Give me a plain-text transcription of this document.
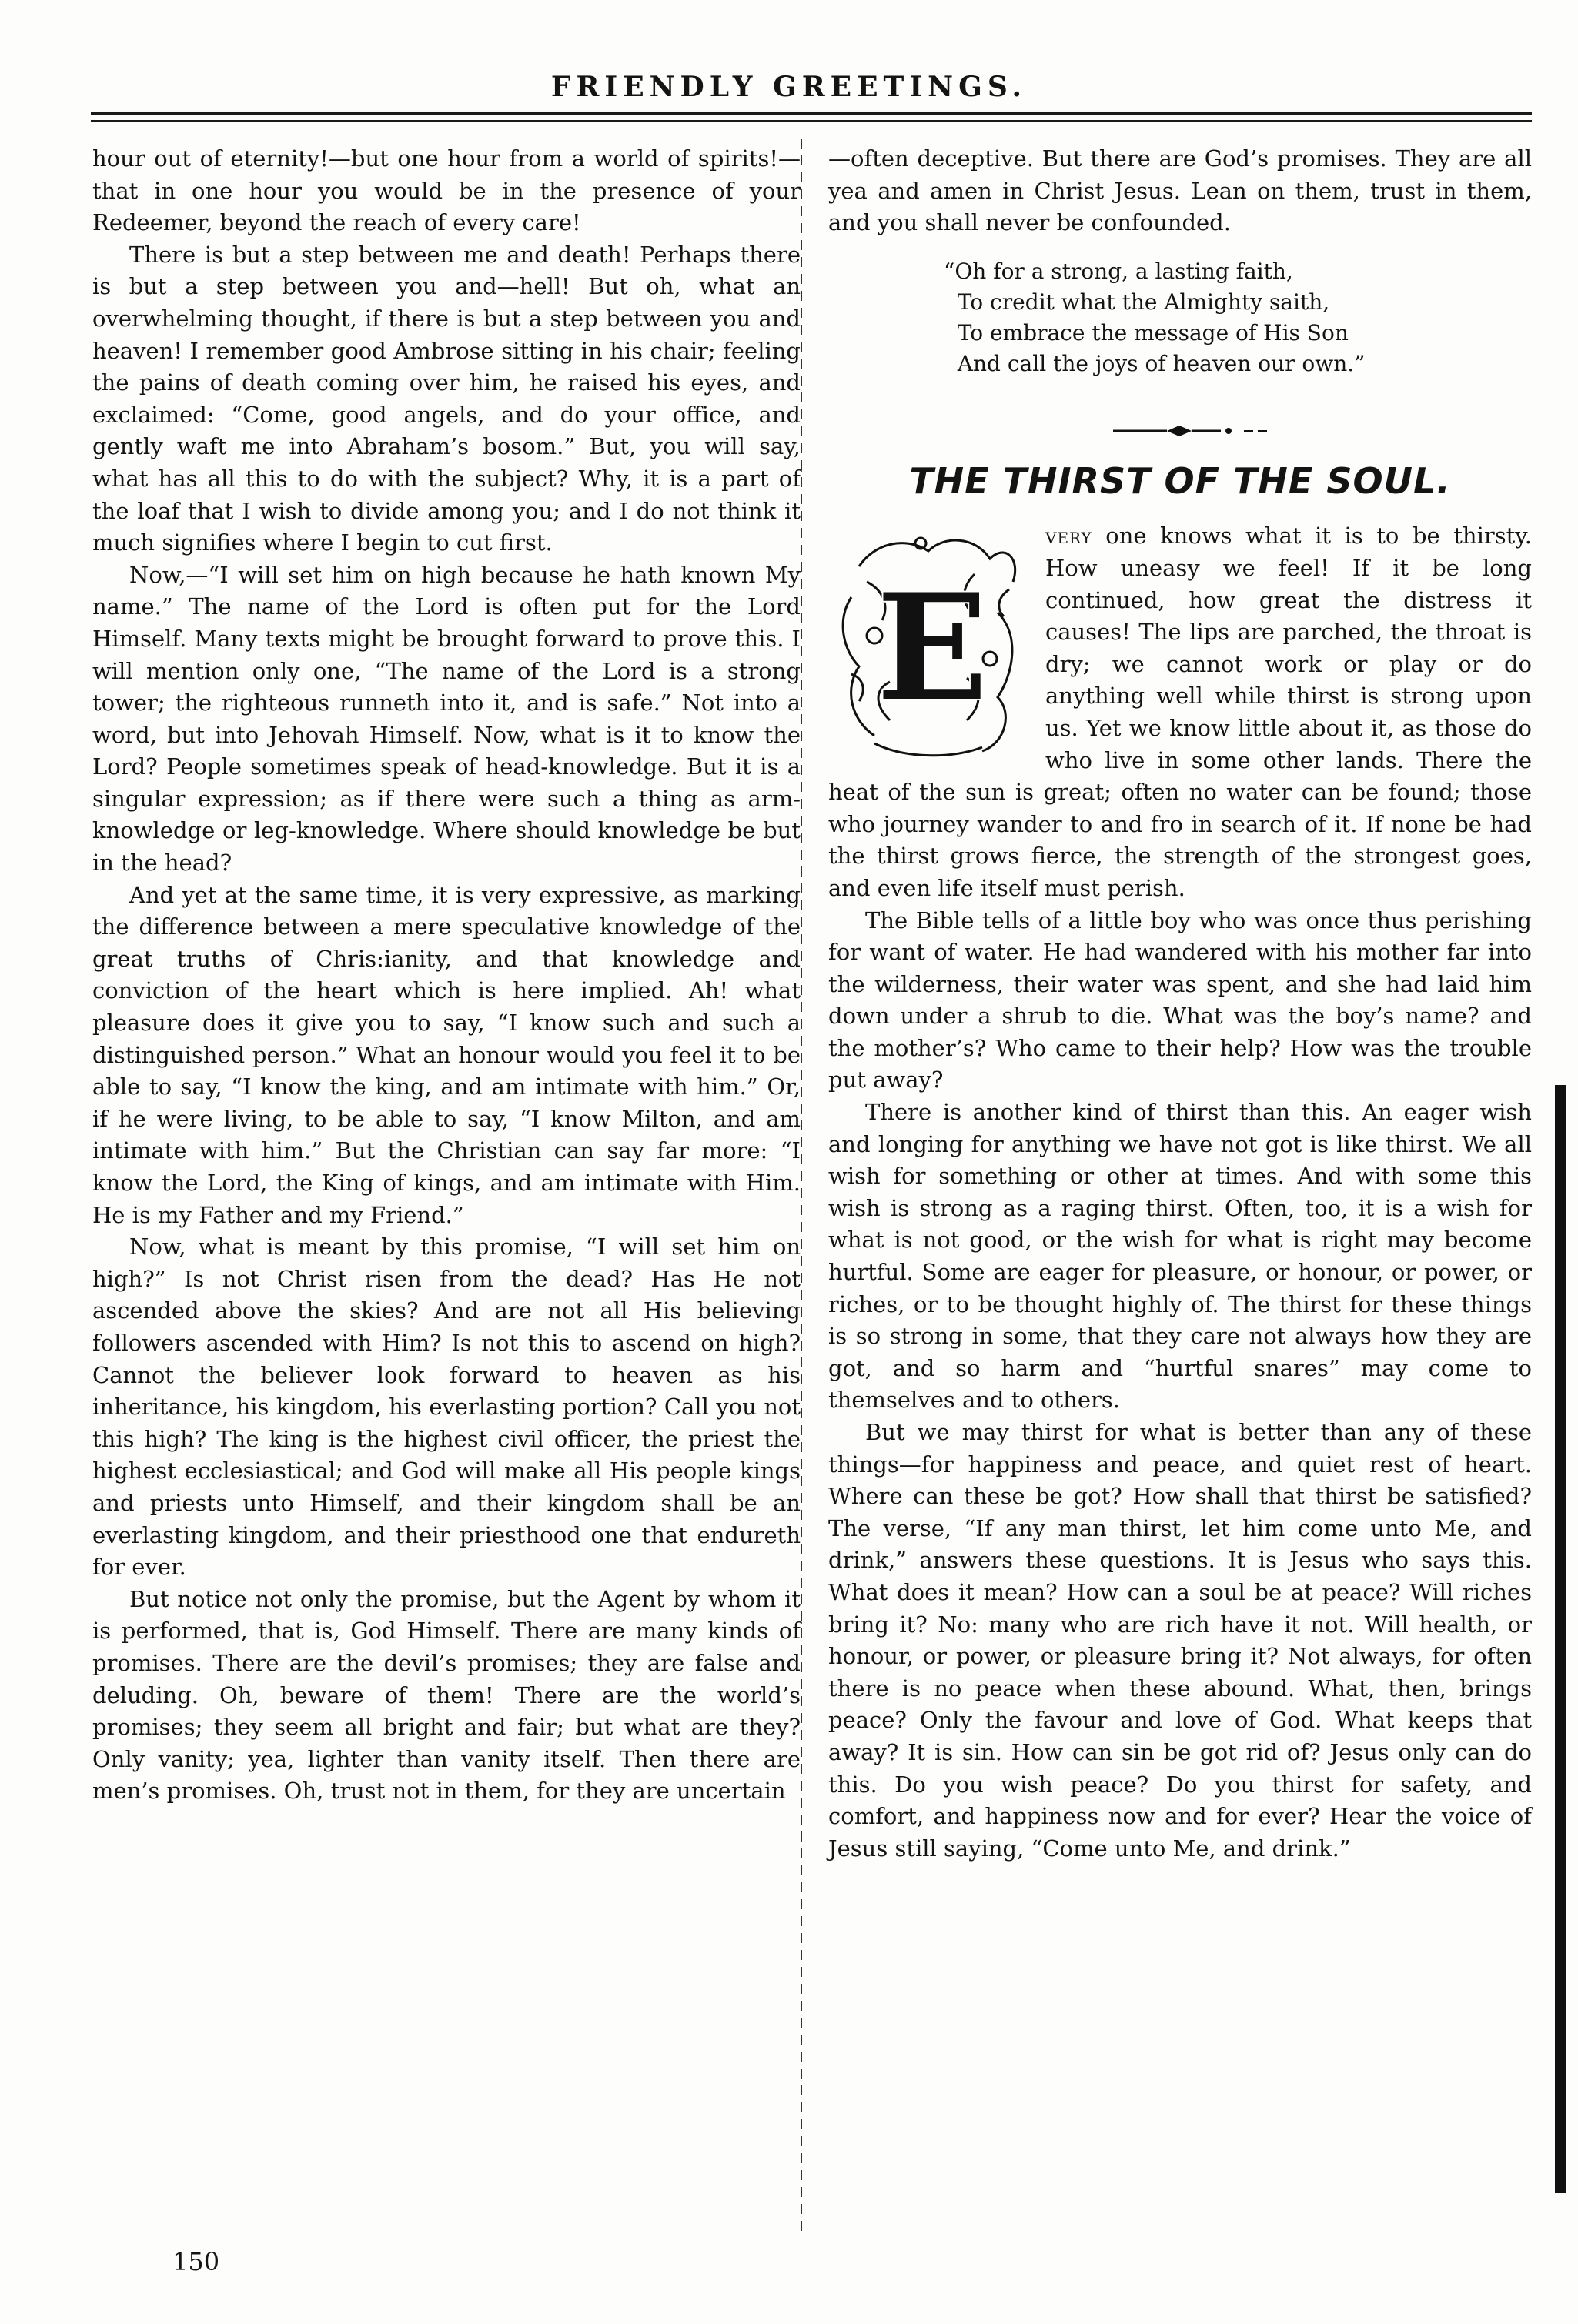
FRIENDLY GREETINGS.

hour out of eternity!—but one hour from a world of spirits!—that in one hour you would be in the presence of your Redeemer, beyond the reach of every care!

There is but a step between me and death! Perhaps there is but a step between you and—hell! But oh, what an overwhelming thought, if there is but a step between you and heaven! I remember good Ambrose sitting in his chair; feeling the pains of death coming over him, he raised his eyes, and exclaimed: “Come, good angels, and do your office, and gently waft me into Abraham’s bosom.” But, you will say, what has all this to do with the subject? Why, it is a part of the loaf that I wish to divide among you; and I do not think it much signifies where I begin to cut first.

Now,—“I will set him on high because he hath known My name.” The name of the Lord is often put for the Lord Himself. Many texts might be brought forward to prove this. I will mention only one, “The name of the Lord is a strong tower; the righteous runneth into it, and is safe.” Not into a word, but into Jehovah Himself. Now, what is it to know the Lord? People sometimes speak of head-knowledge. But it is a singular expression; as if there were such a thing as arm-knowledge or leg-knowledge. Where should knowledge be but in the head?

And yet at the same time, it is very expressive, as marking the difference between a mere speculative knowledge of the great truths of Chris:ianity, and that knowledge and conviction of the heart which is here implied. Ah! what pleasure does it give you to say, “I know such and such a distinguished person.” What an honour would you feel it to be able to say, “I know the king, and am intimate with him.” Or, if he were living, to be able to say, “I know Milton, and am intimate with him.” But the Christian can say far more: “I know the Lord, the King of kings, and am intimate with Him. He is my Father and my Friend.”

Now, what is meant by this promise, “I will set him on high?” Is not Christ risen from the dead? Has He not ascended above the skies? And are not all His believing followers ascended with Him? Is not this to ascend on high? Cannot the believer look forward to heaven as his inheritance, his kingdom, his everlasting portion? Call you not this high? The king is the highest civil officer, the priest the highest ecclesiastical; and God will make all His people kings and priests unto Himself, and their kingdom shall be an everlasting kingdom, and their priesthood one that endureth for ever.

But notice not only the promise, but the Agent by whom it is performed, that is, God Himself. There are many kinds of promises. There are the devil’s promises; they are false and deluding. Oh, beware of them! There are the world’s promises; they seem all bright and fair; but what are they? Only vanity; yea, lighter than vanity itself. Then there are men’s promises. Oh, trust not in them, for they are uncertain

—often deceptive. But there are God’s promises. They are all yea and amen in Christ Jesus. Lean on them, trust in them, and you shall never be confounded.

“Oh for a strong, a lasting faith,
To credit what the Almighty saith,
To embrace the message of His Son
And call the joys of heaven our own.”
THE THIRST OF THE SOUL.
E

very one knows what it is to be thirsty. How uneasy we feel! If it be long continued, how great the distress it causes! The lips are parched, the throat is dry; we cannot work or play or do anything well while thirst is strong upon us. Yet we know little about it, as those do who live in some other lands. There the heat of the sun is great; often no water can be found; those who journey wander to and fro in search of it. If none be had the thirst grows fierce, the strength of the strongest goes, and even life itself must perish.

The Bible tells of a little boy who was once thus perishing for want of water. He had wandered with his mother far into the wilderness, their water was spent, and she had laid him down under a shrub to die. What was the boy’s name? and the mother’s? Who came to their help? How was the trouble put away?

There is another kind of thirst than this. An eager wish and longing for anything we have not got is like thirst. We all wish for something or other at times. And with some this wish is strong as a raging thirst. Often, too, it is a wish for what is not good, or the wish for what is right may become hurtful. Some are eager for pleasure, or honour, or power, or riches, or to be thought highly of. The thirst for these things is so strong in some, that they care not always how they are got, and so harm and “hurtful snares” may come to themselves and to others.

But we may thirst for what is better than any of these things—for happiness and peace, and quiet rest of heart. Where can these be got? How shall that thirst be satisfied? The verse, “If any man thirst, let him come unto Me, and drink,” answers these questions. It is Jesus who says this. What does it mean? How can a soul be at peace? Will riches bring it? No: many who are rich have it not. Will health, or honour, or power, or pleasure bring it? Not always, for often there is no peace when these abound. What, then, brings peace? Only the favour and love of God. What keeps that away? It is sin. How can sin be got rid of? Jesus only can do this. Do you wish peace? Do you thirst for safety, and comfort, and happiness now and for ever? Hear the voice of Jesus still saying, “Come unto Me, and drink.”

150
